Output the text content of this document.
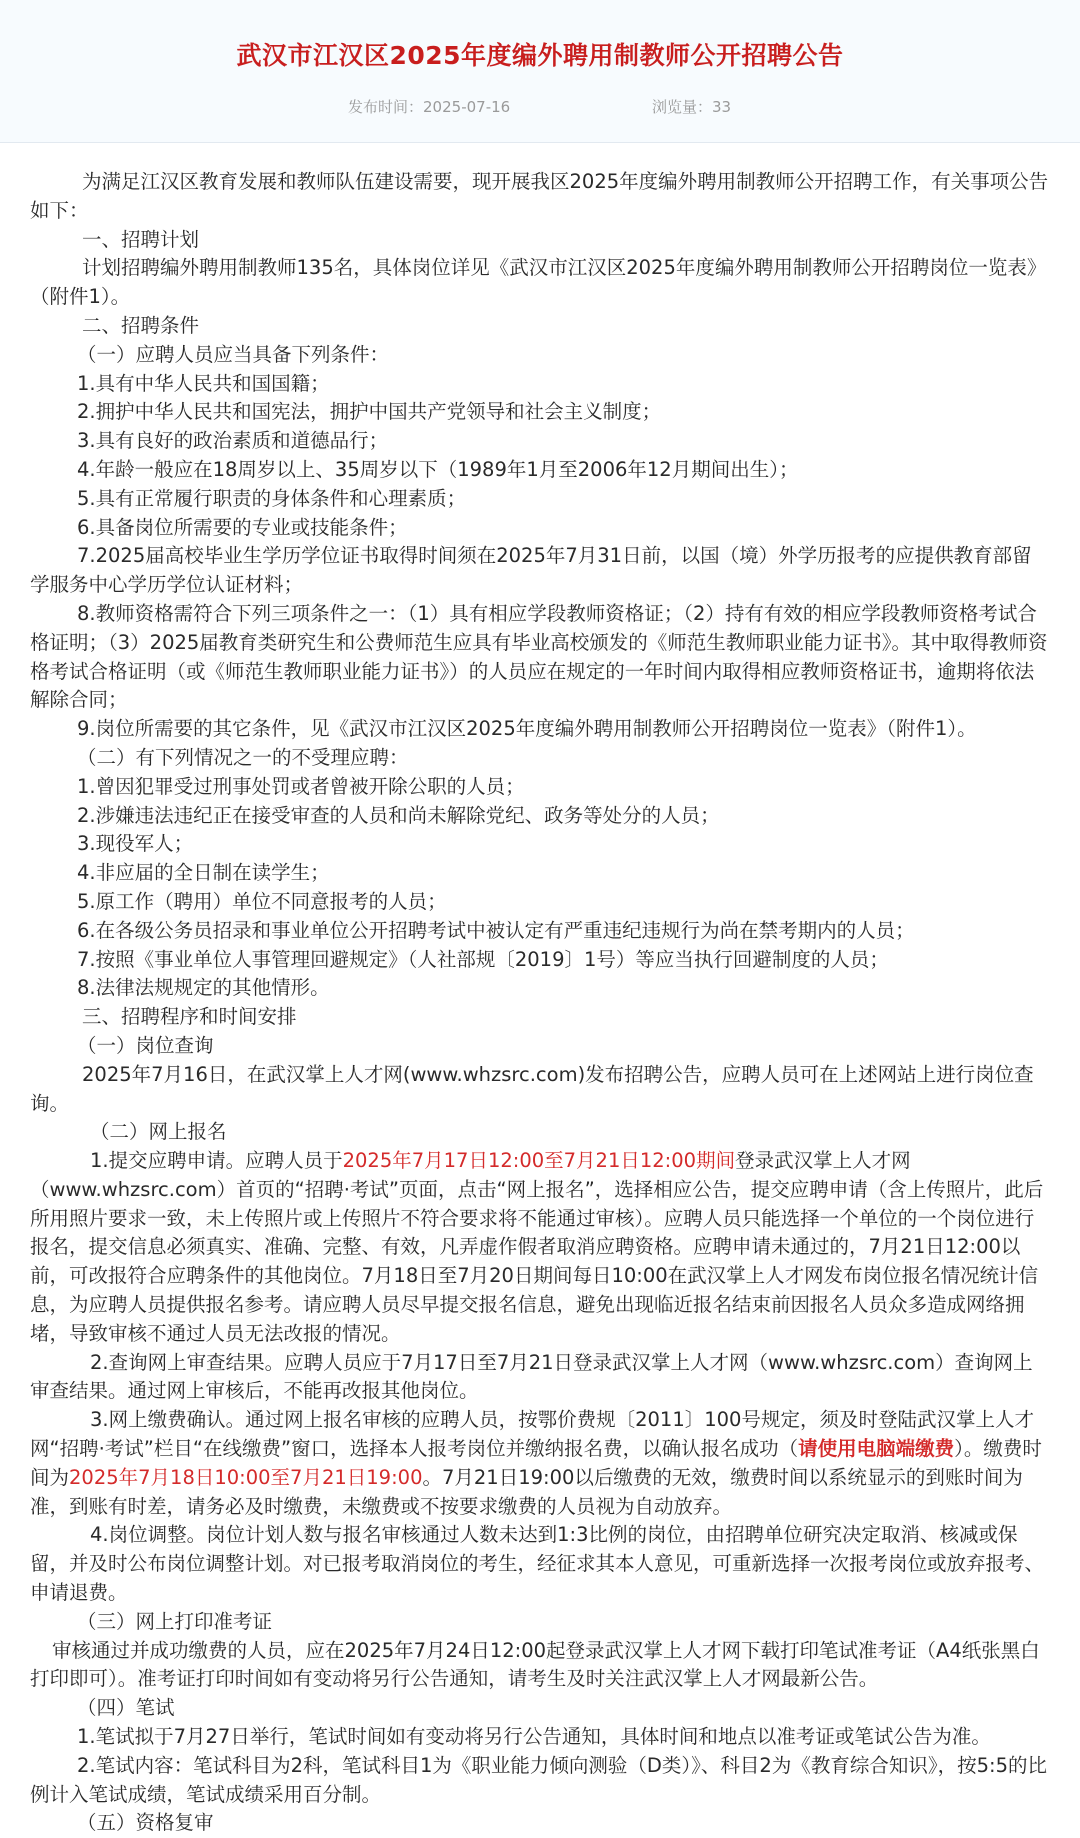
武汉市江汉区2025年度编外聘用制教师公开招聘公告
发布时间：2025-07-16	浏览量：33

为满足江汉区教育发展和教师队伍建设需要，现开展我区2025年度编外聘用制教师公开招聘工作，有关事项公告如下：

一、招聘计划

计划招聘编外聘用制教师135名，具体岗位详见《武汉市江汉区2025年度编外聘用制教师公开招聘岗位一览表》（附件1）。

二、招聘条件

（一）应聘人员应当具备下列条件：

1.具有中华人民共和国国籍；

2.拥护中华人民共和国宪法，拥护中国共产党领导和社会主义制度；

3.具有良好的政治素质和道德品行；

4.年龄一般应在18周岁以上、35周岁以下（1989年1月至2006年12月期间出生）；

5.具有正常履行职责的身体条件和心理素质；

6.具备岗位所需要的专业或技能条件；

7.2025届高校毕业生学历学位证书取得时间须在2025年7月31日前，以国（境）外学历报考的应提供教育部留学服务中心学历学位认证材料；

8.教师资格需符合下列三项条件之一：（1）具有相应学段教师资格证；（2）持有有效的相应学段教师资格考试合格证明；（3）2025届教育类研究生和公费师范生应具有毕业高校颁发的《师范生教师职业能力证书》。其中取得教师资格考试合格证明（或《师范生教师职业能力证书》）的人员应在规定的一年时间内取得相应教师资格证书，逾期将依法解除合同；

9.岗位所需要的其它条件，见《武汉市江汉区2025年度编外聘用制教师公开招聘岗位一览表》（附件1）。

（二）有下列情况之一的不受理应聘：

1.曾因犯罪受过刑事处罚或者曾被开除公职的人员；

2.涉嫌违法违纪正在接受审查的人员和尚未解除党纪、政务等处分的人员；

3.现役军人；

4.非应届的全日制在读学生；

5.原工作（聘用）单位不同意报考的人员；

6.在各级公务员招录和事业单位公开招聘考试中被认定有严重违纪违规行为尚在禁考期内的人员；

7.按照《事业单位人事管理回避规定》（人社部规〔2019〕1号）等应当执行回避制度的人员；

8.法律法规规定的其他情形。

三、招聘程序和时间安排

（一）岗位查询

2025年7月16日，在武汉掌上人才网(www.whzsrc.com)发布招聘公告，应聘人员可在上述网站上进行岗位查询。

（二）网上报名

1.提交应聘申请。应聘人员于2025年7月17日12:00至7月21日12:00期间登录武汉掌上人才网（www.whzsrc.com）首页的“招聘·考试”页面，点击“网上报名”，选择相应公告，提交应聘申请（含上传照片，此后所用照片要求一致，未上传照片或上传照片不符合要求将不能通过审核）。应聘人员只能选择一个单位的一个岗位进行报名，提交信息必须真实、准确、完整、有效，凡弄虚作假者取消应聘资格。应聘申请未通过的，7月21日12:00以前，可改报符合应聘条件的其他岗位。7月18日至7月20日期间每日10:00在武汉掌上人才网发布岗位报名情况统计信息，为应聘人员提供报名参考。请应聘人员尽早提交报名信息，避免出现临近报名结束前因报名人员众多造成网络拥堵，导致审核不通过人员无法改报的情况。

2.查询网上审查结果。应聘人员应于7月17日至7月21日登录武汉掌上人才网（www.whzsrc.com）查询网上审查结果。通过网上审核后，不能再改报其他岗位。

3.网上缴费确认。通过网上报名审核的应聘人员，按鄂价费规〔2011〕100号规定，须及时登陆武汉掌上人才网“招聘·考试”栏目“在线缴费”窗口，选择本人报考岗位并缴纳报名费，以确认报名成功（请使用电脑端缴费）。缴费时间为2025年7月18日10:00至7月21日19:00。7月21日19:00以后缴费的无效，缴费时间以系统显示的到账时间为准，到账有时差，请务必及时缴费，未缴费或不按要求缴费的人员视为自动放弃。

4.岗位调整。岗位计划人数与报名审核通过人数未达到1:3比例的岗位，由招聘单位研究决定取消、核减或保留，并及时公布岗位调整计划。对已报考取消岗位的考生，经征求其本人意见，可重新选择一次报考岗位或放弃报考、申请退费。

（三）网上打印准考证

审核通过并成功缴费的人员，应在2025年7月24日12:00起登录武汉掌上人才网下载打印笔试准考证（A4纸张黑白打印即可）。准考证打印时间如有变动将另行公告通知，请考生及时关注武汉掌上人才网最新公告。

（四）笔试

1.笔试拟于7月27日举行，笔试时间如有变动将另行公告通知，具体时间和地点以准考证或笔试公告为准。

2.笔试内容：笔试科目为2科，笔试科目1为《职业能力倾向测验（D类）》、科目2为《教育综合知识》，按5:5的比例计入笔试成绩，笔试成绩采用百分制。

（五）资格复审
